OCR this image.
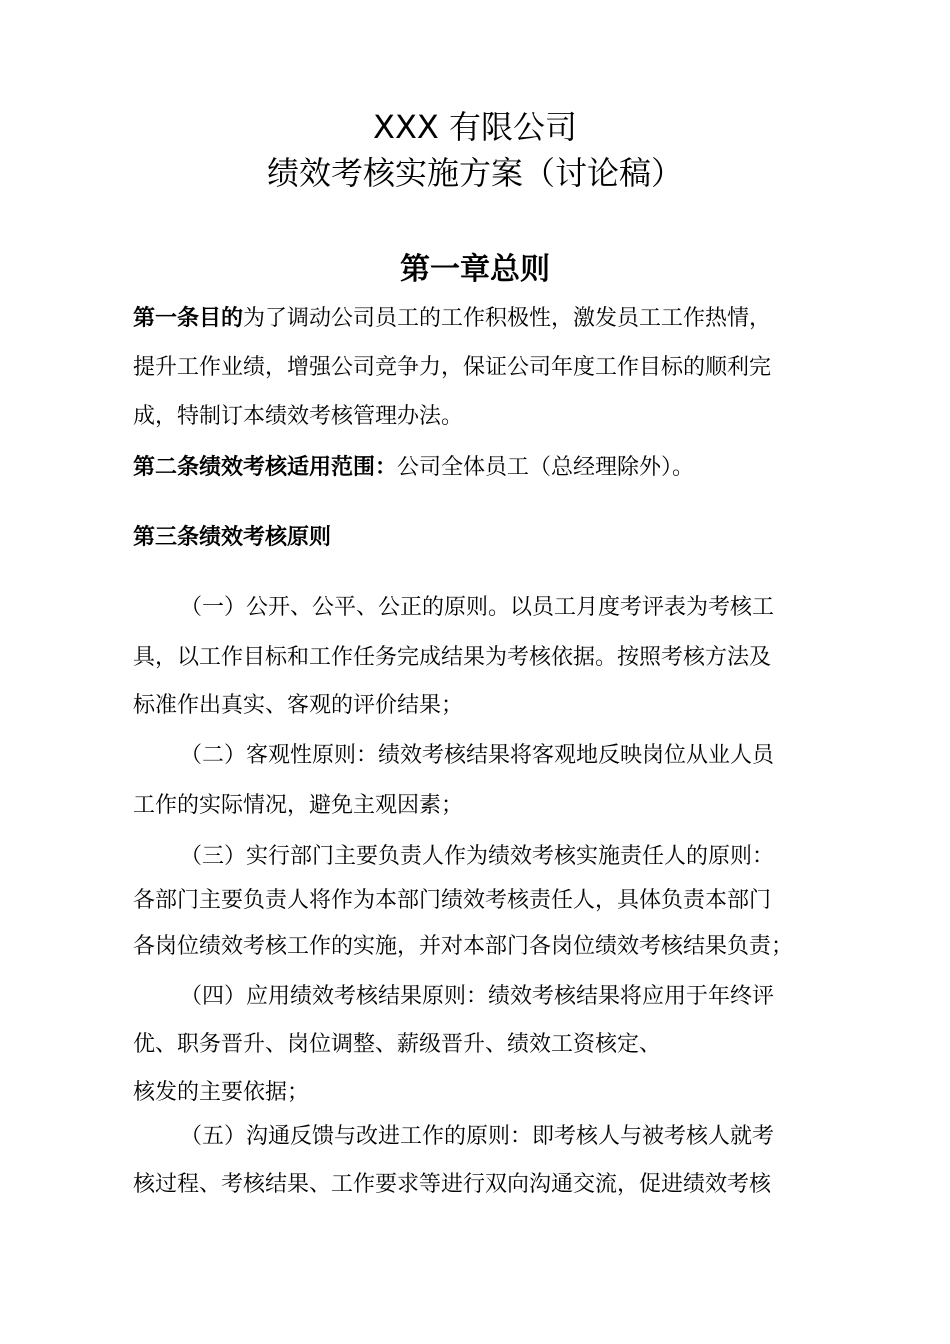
XXX 有限公司
绩效考核实施方案（讨论稿）
第一章总则
第一条目的为了调动公司员工的工作积极性，激发员工工作热情，
提升工作业绩，增强公司竞争力，保证公司年度工作目标的顺利完
成，特制订本绩效考核管理办法。
第二条绩效考核适用范围：公司全体员工（总经理除外）。
第三条绩效考核原则
（一）公开、公平、公正的原则。以员工月度考评表为考核工
具，以工作目标和工作任务完成结果为考核依据。按照考核方法及
标准作出真实、客观的评价结果；
（二）客观性原则：绩效考核结果将客观地反映岗位从业人员
工作的实际情况，避免主观因素；
（三）实行部门主要负责人作为绩效考核实施责任人的原则：
各部门主要负责人将作为本部门绩效考核责任人，具体负责本部门
各岗位绩效考核工作的实施，并对本部门各岗位绩效考核结果负责；
（四）应用绩效考核结果原则：绩效考核结果将应用于年终评
优、职务晋升、岗位调整、薪级晋升、绩效工资核定、
核发的主要依据；
（五）沟通反馈与改进工作的原则：即考核人与被考核人就考
核过程、考核结果、工作要求等进行双向沟通交流，促进绩效考核
